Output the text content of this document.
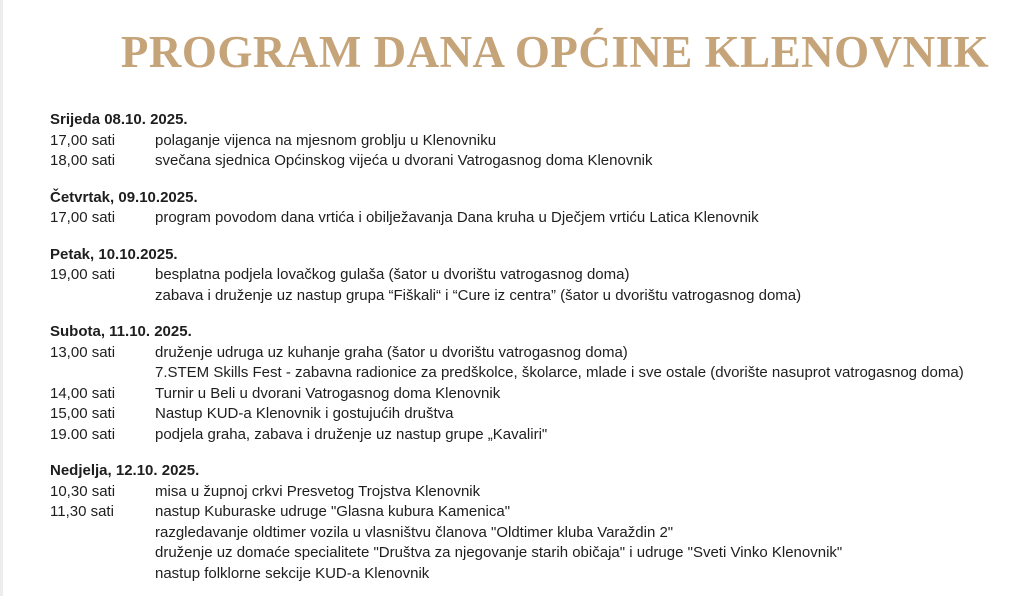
PROGRAM DANA OPĆINE KLENOVNIK
Srijeda 08.10. 2025.
17,00 sati	polaganje vijenca na mjesnom groblju u Klenovniku
18,00 sati	svečana sjednica Općinskog vijeća u dvorani Vatrogasnog doma Klenovnik
Četvrtak, 09.10.2025.
17,00 sati	program povodom dana vrtića i obilježavanja Dana kruha u Dječjem vrtiću Latica Klenovnik
Petak, 10.10.2025.
19,00 sati	besplatna podjela lovačkog gulaša (šator u dvorištu vatrogasnog doma)
zabava i druženje uz nastup grupa “Fiškali“ i “Cure iz centra” (šator u dvorištu vatrogasnog doma)
Subota, 11.10. 2025.
13,00 sati	druženje udruga uz kuhanje graha (šator u dvorištu vatrogasnog doma)
7.STEM Skills Fest - zabavna radionice za predškolce, školarce, mlade i sve ostale (dvorište nasuprot vatrogasnog doma)
14,00 sati	Turnir u Beli u dvorani Vatrogasnog doma Klenovnik
15,00 sati	Nastup KUD-a Klenovnik i gostujućih društva
19.00 sati	podjela graha, zabava i druženje uz nastup grupe „Kavaliri"
Nedjelja, 12.10. 2025.
10,30 sati	misa u župnoj crkvi Presvetog Trojstva Klenovnik
11,30 sati	nastup Kuburaske udruge "Glasna kubura Kamenica"
razgledavanje oldtimer vozila u vlasništvu članova "Oldtimer kluba Varaždin 2"
druženje uz domaće specialitete "Društva za njegovanje starih običaja" i udruge "Sveti Vinko Klenovnik"
nastup folklorne sekcije KUD-a Klenovnik
